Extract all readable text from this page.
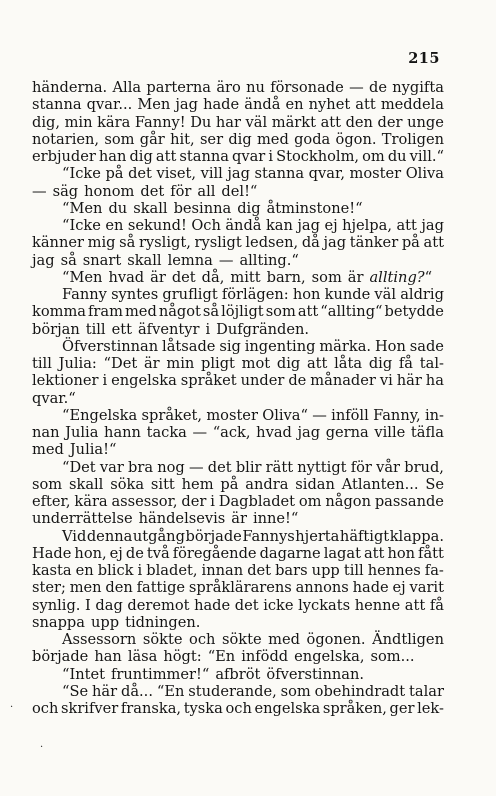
215
händerna. Alla parterna äro nu försonade — de nygifta
stanna qvar... Men jag hade ändå en nyhet att meddela
dig, min kära Fanny! Du har väl märkt att den der unge
notarien, som går hit, ser dig med goda ögon. Troligen
erbjuder han dig att stanna qvar i Stockholm, om du vill.“
“Icke på det viset, vill jag stanna qvar, moster Oliva
— säg honom det för all del!“
“Men du skall besinna dig åtminstone!“
“Icke en sekund! Och ändå kan jag ej hjelpa, att jag
känner mig så rysligt, rysligt ledsen, då jag tänker på att
jag så snart skall lemna — allting.“
“Men hvad är det då, mitt barn, som är allting?“
Fanny syntes grufligt förlägen: hon kunde väl aldrig
komma fram med något så löjligt som att “allting“ betydde
början till ett äfventyr i Dufgränden.
Öfverstinnan låtsade sig ingenting märka. Hon sade
till Julia: “Det är min pligt mot dig att låta dig få tal-
lektioner i engelska språket under de månader vi här ha
qvar.“
“Engelska språket, moster Oliva“ — inföll Fanny, in-
nan Julia hann tacka — “ack, hvad jag gerna ville täfla
med Julia!“
“Det var bra nog — det blir rätt nyttigt för vår brud,
som skall söka sitt hem på andra sidan Atlanten... Se
efter, kära assessor, der i Dagbladet om någon passande
underrättelse händelsevis är inne!“
Vid denna utgång började Fannys hjerta häftigt klappa.
Hade hon, ej de två föregående dagarne lagat att hon fått
kasta en blick i bladet, innan det bars upp till hennes fa-
ster; men den fattige språklärarens annons hade ej varit
synlig. I dag deremot hade det icke lyckats henne att få
snappa upp tidningen.
Assessorn sökte och sökte med ögonen. Ändtligen
började han läsa högt: “En infödd engelska, som...
“Intet fruntimmer!“ afbröt öfverstinnan.
“Se här då... “En studerande, som obehindradt talar
och skrifver franska, tyska och engelska språken, ger lek-
·
·
